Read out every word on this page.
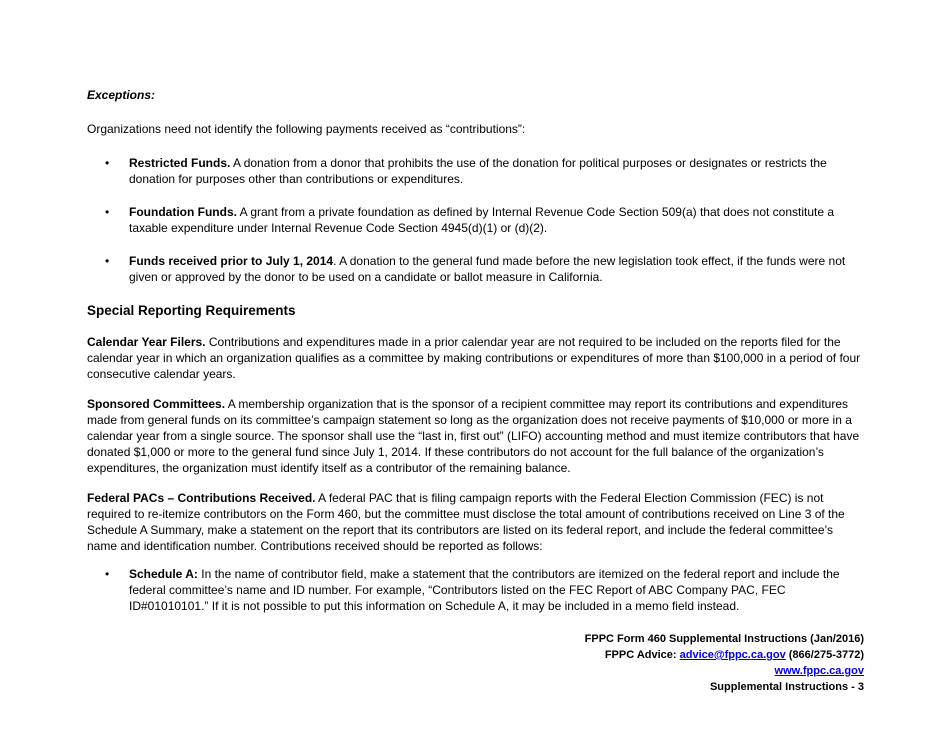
Exceptions:

Organizations need not identify the following payments received as “contributions”:

• Restricted Funds. A donation from a donor that prohibits the use of the donation for political purposes or designates or restricts the donation for purposes other than contributions or expenditures.
• Foundation Funds. A grant from a private foundation as defined by Internal Revenue Code Section 509(a) that does not constitute a taxable expenditure under Internal Revenue Code Section 4945(d)(1) or (d)(2).
• Funds received prior to July 1, 2014. A donation to the general fund made before the new legislation took effect, if the funds were not given or approved by the donor to be used on a candidate or ballot measure in California.

Special Reporting Requirements

Calendar Year Filers. Contributions and expenditures made in a prior calendar year are not required to be included on the reports filed for the calendar year in which an organization qualifies as a committee by making contributions or expenditures of more than $100,000 in a period of four consecutive calendar years.

Sponsored Committees. A membership organization that is the sponsor of a recipient committee may report its contributions and expenditures made from general funds on its committee’s campaign statement so long as the organization does not receive payments of $10,000 or more in a calendar year from a single source. The sponsor shall use the “last in, first out” (LIFO) accounting method and must itemize contributors that have donated $1,000 or more to the general fund since July 1, 2014. If these contributors do not account for the full balance of the organization’s expenditures, the organization must identify itself as a contributor of the remaining balance.

Federal PACs – Contributions Received. A federal PAC that is filing campaign reports with the Federal Election Commission (FEC) is not required to re-itemize contributors on the Form 460, but the committee must disclose the total amount of contributions received on Line 3 of the Schedule A Summary, make a statement on the report that its contributors are listed on its federal report, and include the federal committee’s name and identification number. Contributions received should be reported as follows:

• Schedule A: In the name of contributor field, make a statement that the contributors are itemized on the federal report and include the federal committee’s name and ID number. For example, “Contributors listed on the FEC Report of ABC Company PAC, FEC ID#01010101.” If it is not possible to put this information on Schedule A, it may be included in a memo field instead.
FPPC Form 460 Supplemental Instructions (Jan/2016)
FPPC Advice: advice@fppc.ca.gov (866/275-3772)
www.fppc.ca.gov
Supplemental Instructions - 3
